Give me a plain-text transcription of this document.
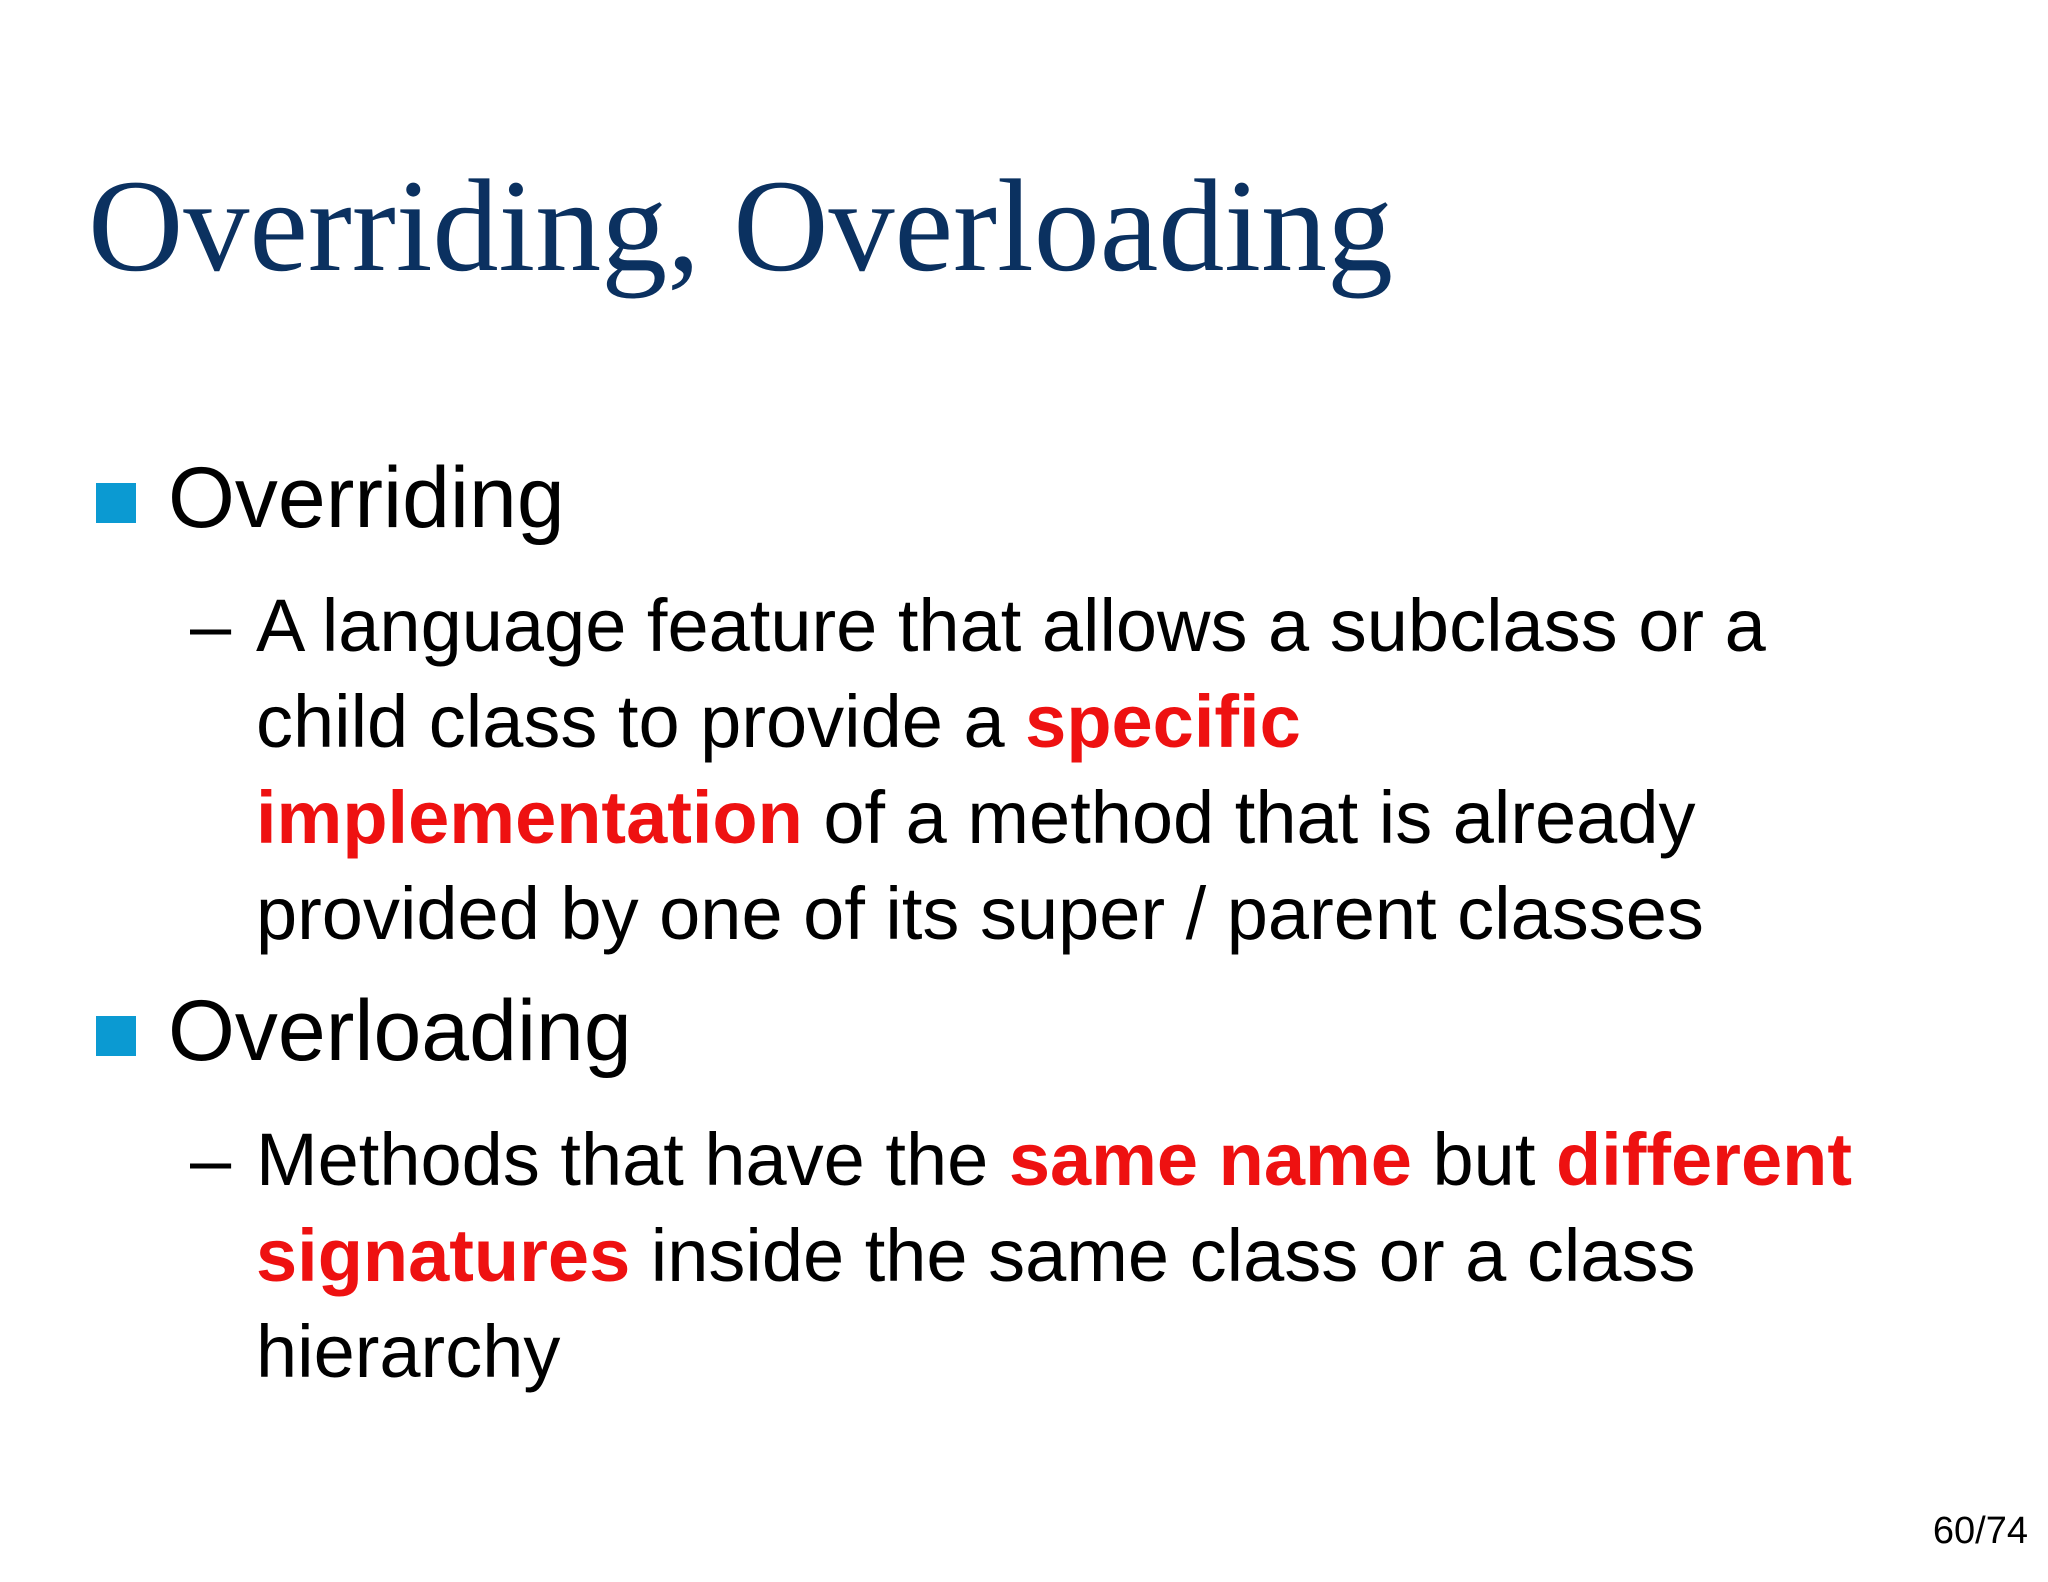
Overriding, Overloading
Overriding
– A language feature that allows a subclass or a
child class to provide a specific
implementation of a method that is already
provided by one of its super / parent classes
Overloading
– Methods that have the same name but different
signatures inside the same class or a class
hierarchy
60/74
